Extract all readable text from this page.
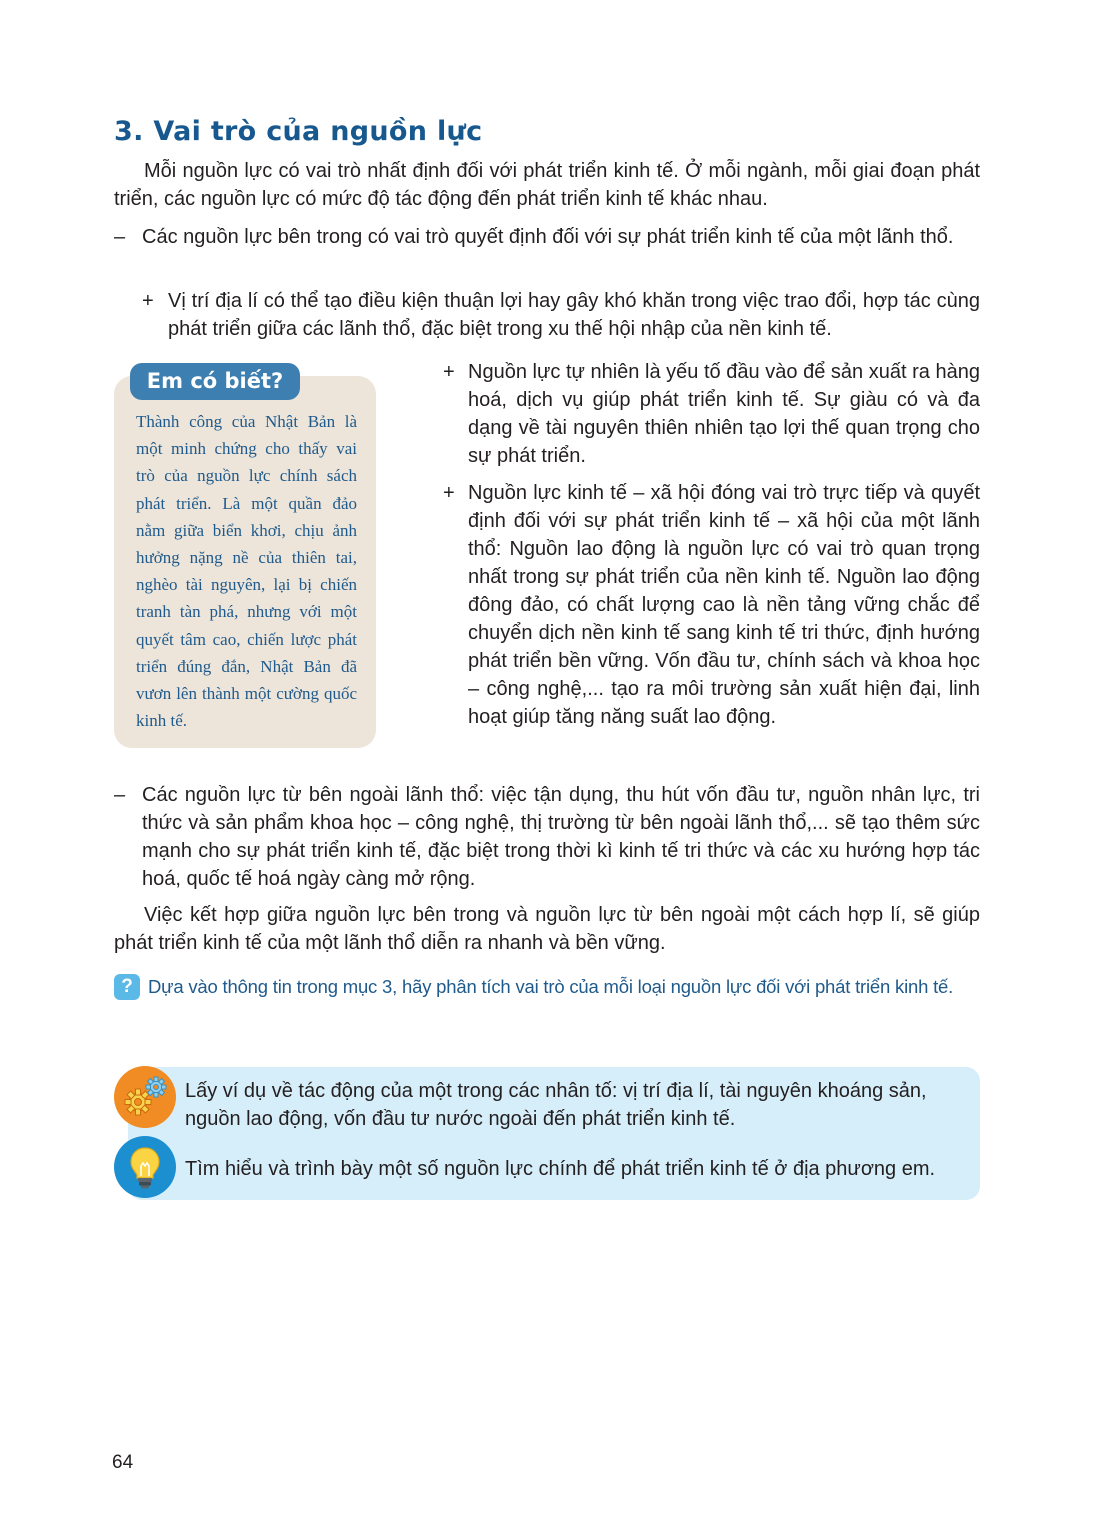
3. Vai trò của nguồn lực

Mỗi nguồn lực có vai trò nhất định đối với phát triển kinh tế. Ở mỗi ngành, mỗi giai đoạn phát triển, các nguồn lực có mức độ tác động đến phát triển kinh tế khác nhau.

– Các nguồn lực bên trong có vai trò quyết định đối với sự phát triển kinh tế của một lãnh thổ.

+ Vị trí địa lí có thể tạo điều kiện thuận lợi hay gây khó khăn trong việc trao đổi, hợp tác cùng phát triển giữa các lãnh thổ, đặc biệt trong xu thế hội nhập của nền kinh tế.

Em có biết?

Thành công của Nhật Bản là một minh chứng cho thấy vai trò của nguồn lực chính sách phát triển. Là một quần đảo nằm giữa biển khơi, chịu ảnh hưởng nặng nề của thiên tai, nghèo tài nguyên, lại bị chiến tranh tàn phá, nhưng với một quyết tâm cao, chiến lược phát triển đúng đắn, Nhật Bản đã vươn lên thành một cường quốc kinh tế.

+ Nguồn lực tự nhiên là yếu tố đầu vào để sản xuất ra hàng hoá, dịch vụ giúp phát triển kinh tế. Sự giàu có và đa dạng về tài nguyên thiên nhiên tạo lợi thế quan trọng cho sự phát triển.

+ Nguồn lực kinh tế – xã hội đóng vai trò trực tiếp và quyết định đối với sự phát triển kinh tế – xã hội của một lãnh thổ: Nguồn lao động là nguồn lực có vai trò quan trọng nhất trong sự phát triển của nền kinh tế. Nguồn lao động đông đảo, có chất lượng cao là nền tảng vững chắc để chuyển dịch nền kinh tế sang kinh tế tri thức, định hướng phát triển bền vững. Vốn đầu tư, chính sách và khoa học – công nghệ,... tạo ra môi trường sản xuất hiện đại, linh hoạt giúp tăng năng suất lao động.

– Các nguồn lực từ bên ngoài lãnh thổ: việc tận dụng, thu hút vốn đầu tư, nguồn nhân lực, tri thức và sản phẩm khoa học – công nghệ, thị trường từ bên ngoài lãnh thổ,... sẽ tạo thêm sức mạnh cho sự phát triển kinh tế, đặc biệt trong thời kì kinh tế tri thức và các xu hướng hợp tác hoá, quốc tế hoá ngày càng mở rộng.

Việc kết hợp giữa nguồn lực bên trong và nguồn lực từ bên ngoài một cách hợp lí, sẽ giúp phát triển kinh tế của một lãnh thổ diễn ra nhanh và bền vững.

? Dựa vào thông tin trong mục 3, hãy phân tích vai trò của mỗi loại nguồn lực đối với phát triển kinh tế.

Lấy ví dụ về tác động của một trong các nhân tố: vị trí địa lí, tài nguyên khoáng sản, nguồn lao động, vốn đầu tư nước ngoài đến phát triển kinh tế.

Tìm hiểu và trình bày một số nguồn lực chính để phát triển kinh tế ở địa phương em.

64
